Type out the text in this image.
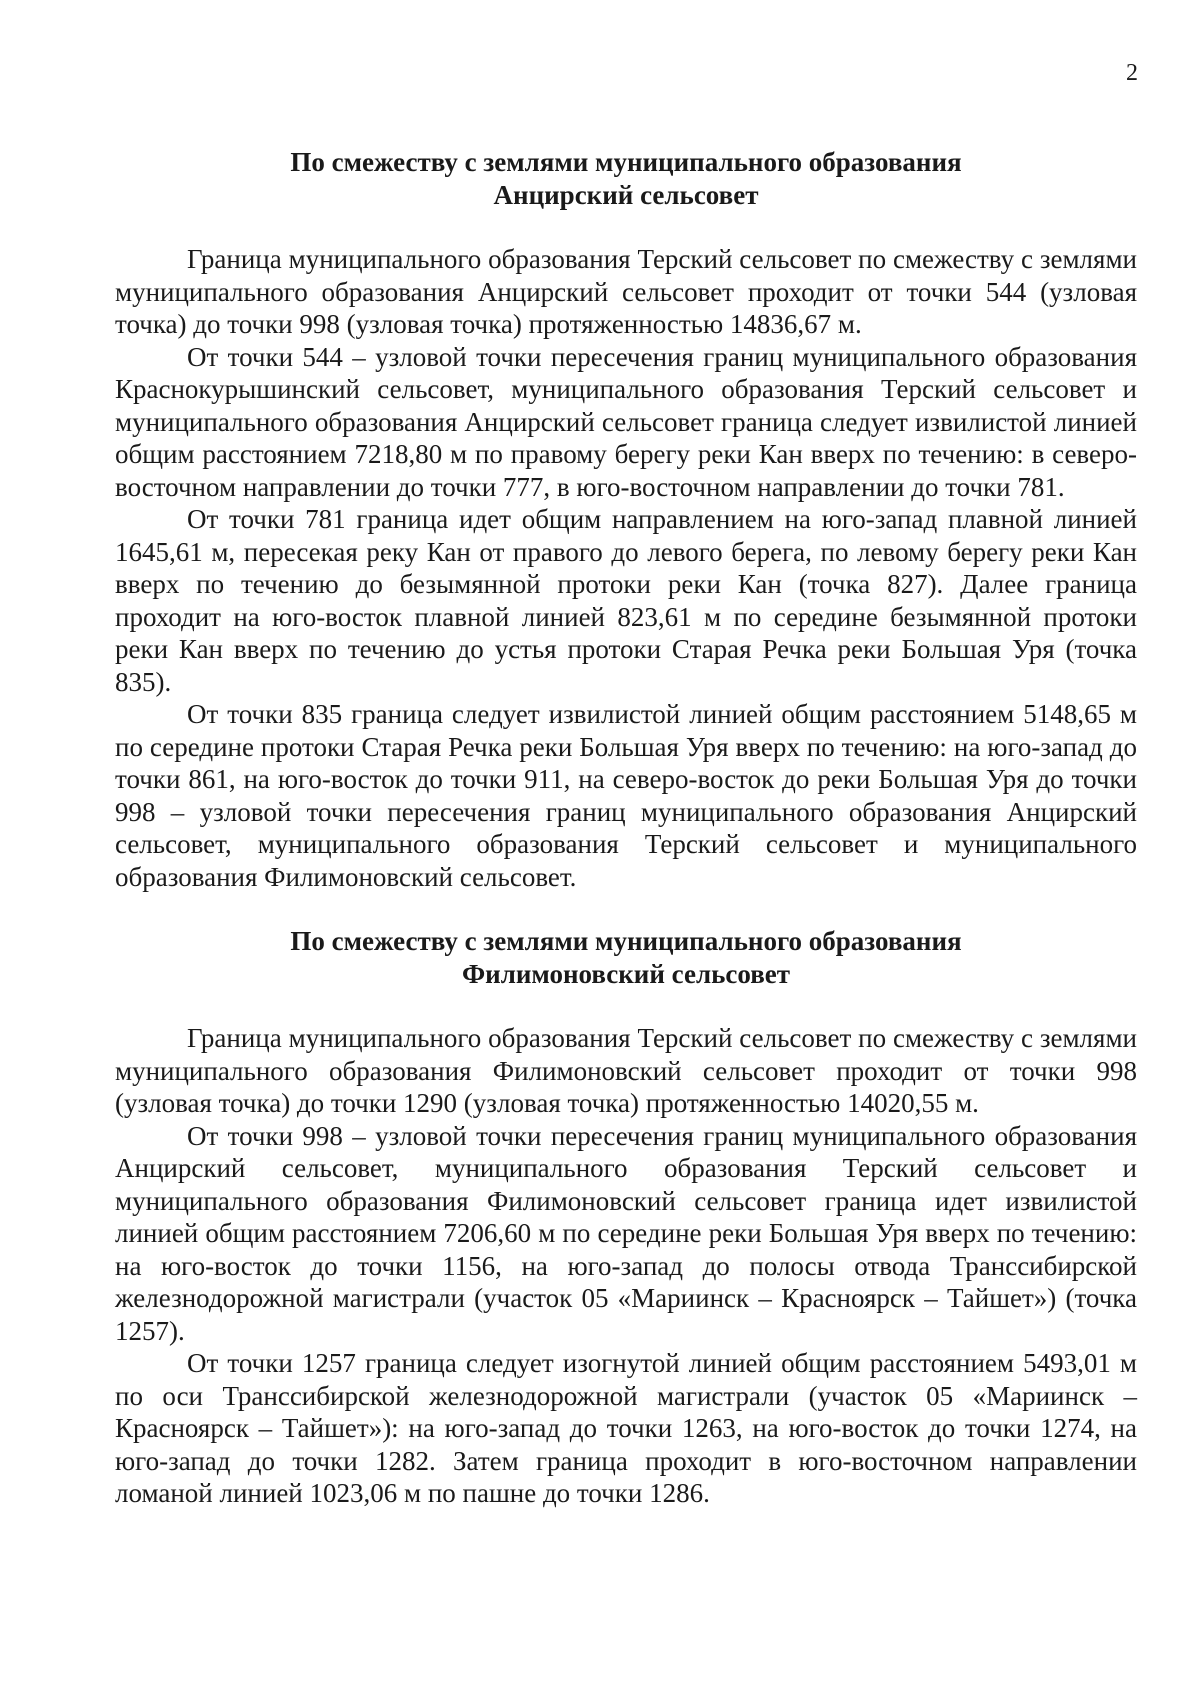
2
По смежеству с землями муниципального образования
Анцирский сельсовет

Граница муниципального образования Терский сельсовет по смежеству с землями муниципального образования Анцирский сельсовет проходит от точки 544 (узловая точка) до точки 998 (узловая точка) протяженностью 14836,67 м.

От точки 544 – узловой точки пересечения границ муниципального образования Краснокурышинский сельсовет, муниципального образования Терский сельсовет и муниципального образования Анцирский сельсовет граница следует извилистой линией общим расстоянием 7218,80 м по правому берегу реки Кан вверх по течению: в северо-восточном направлении до точки 777, в юго-восточном направлении до точки 781.

От точки 781 граница идет общим направлением на юго-запад плавной линией 1645,61 м, пересекая реку Кан от правого до левого берега, по левому берегу реки Кан вверх по течению до безымянной протоки реки Кан (точка 827). Далее граница проходит на юго-восток плавной линией 823,61 м по середине безымянной протоки реки Кан вверх по течению до устья протоки Старая Речка реки Большая Уря (точка 835).

От точки 835 граница следует извилистой линией общим расстоянием 5148,65 м по середине протоки Старая Речка реки Большая Уря вверх по течению: на юго-запад до точки 861, на юго-восток до точки 911, на северо-восток до реки Большая Уря до точки 998 – узловой точки пересечения границ муниципального образования Анцирский сельсовет, муниципального образования Терский сельсовет и муниципального образования Филимоновский сельсовет.

По смежеству с землями муниципального образования
Филимоновский сельсовет

Граница муниципального образования Терский сельсовет по смежеству с землями муниципального образования Филимоновский сельсовет проходит от точки 998 (узловая точка) до точки 1290 (узловая точка) протяженностью 14020,55 м.

От точки 998 – узловой точки пересечения границ муниципального образования Анцирский сельсовет, муниципального образования Терский сельсовет и муниципального образования Филимоновский сельсовет граница идет извилистой линией общим расстоянием 7206,60 м по середине реки Большая Уря вверх по течению: на юго-восток до точки 1156, на юго-запад до полосы отвода Транссибирской железнодорожной магистрали (участок 05 «Мариинск – Красноярск – Тайшет») (точка 1257).

От точки 1257 граница следует изогнутой линией общим расстоянием 5493,01 м по оси Транссибирской железнодорожной магистрали (участок 05 «Мариинск – Красноярск – Тайшет»): на юго-запад до точки 1263, на юго-восток до точки 1274, на юго-запад до точки 1282. Затем граница проходит в юго-восточном направлении ломаной линией 1023,06 м по пашне до точки 1286.
